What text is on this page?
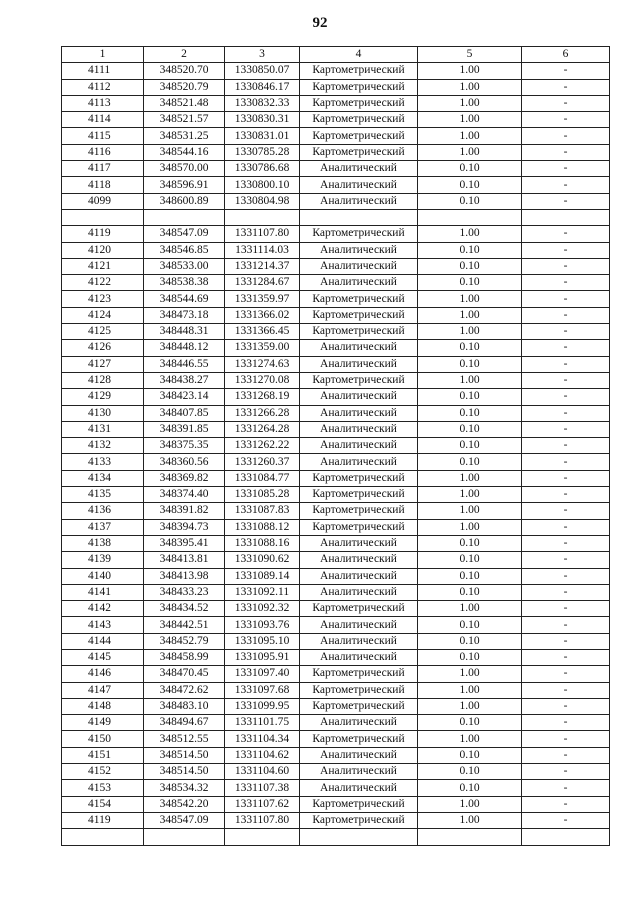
92
1	2	3	4	5	6
4111	348520.70	1330850.07	Картометрический	1.00	-
4112	348520.79	1330846.17	Картометрический	1.00	-
4113	348521.48	1330832.33	Картометрический	1.00	-
4114	348521.57	1330830.31	Картометрический	1.00	-
4115	348531.25	1330831.01	Картометрический	1.00	-
4116	348544.16	1330785.28	Картометрический	1.00	-
4117	348570.00	1330786.68	Аналитический	0.10	-
4118	348596.91	1330800.10	Аналитический	0.10	-
4099	348600.89	1330804.98	Аналитический	0.10	-

4119	348547.09	1331107.80	Картометрический	1.00	-
4120	348546.85	1331114.03	Аналитический	0.10	-
4121	348533.00	1331214.37	Аналитический	0.10	-
4122	348538.38	1331284.67	Аналитический	0.10	-
4123	348544.69	1331359.97	Картометрический	1.00	-
4124	348473.18	1331366.02	Картометрический	1.00	-
4125	348448.31	1331366.45	Картометрический	1.00	-
4126	348448.12	1331359.00	Аналитический	0.10	-
4127	348446.55	1331274.63	Аналитический	0.10	-
4128	348438.27	1331270.08	Картометрический	1.00	-
4129	348423.14	1331268.19	Аналитический	0.10	-
4130	348407.85	1331266.28	Аналитический	0.10	-
4131	348391.85	1331264.28	Аналитический	0.10	-
4132	348375.35	1331262.22	Аналитический	0.10	-
4133	348360.56	1331260.37	Аналитический	0.10	-
4134	348369.82	1331084.77	Картометрический	1.00	-
4135	348374.40	1331085.28	Картометрический	1.00	-
4136	348391.82	1331087.83	Картометрический	1.00	-
4137	348394.73	1331088.12	Картометрический	1.00	-
4138	348395.41	1331088.16	Аналитический	0.10	-
4139	348413.81	1331090.62	Аналитический	0.10	-
4140	348413.98	1331089.14	Аналитический	0.10	-
4141	348433.23	1331092.11	Аналитический	0.10	-
4142	348434.52	1331092.32	Картометрический	1.00	-
4143	348442.51	1331093.76	Аналитический	0.10	-
4144	348452.79	1331095.10	Аналитический	0.10	-
4145	348458.99	1331095.91	Аналитический	0.10	-
4146	348470.45	1331097.40	Картометрический	1.00	-
4147	348472.62	1331097.68	Картометрический	1.00	-
4148	348483.10	1331099.95	Картометрический	1.00	-
4149	348494.67	1331101.75	Аналитический	0.10	-
4150	348512.55	1331104.34	Картометрический	1.00	-
4151	348514.50	1331104.62	Аналитический	0.10	-
4152	348514.50	1331104.60	Аналитический	0.10	-
4153	348534.32	1331107.38	Аналитический	0.10	-
4154	348542.20	1331107.62	Картометрический	1.00	-
4119	348547.09	1331107.80	Картометрический	1.00	-
